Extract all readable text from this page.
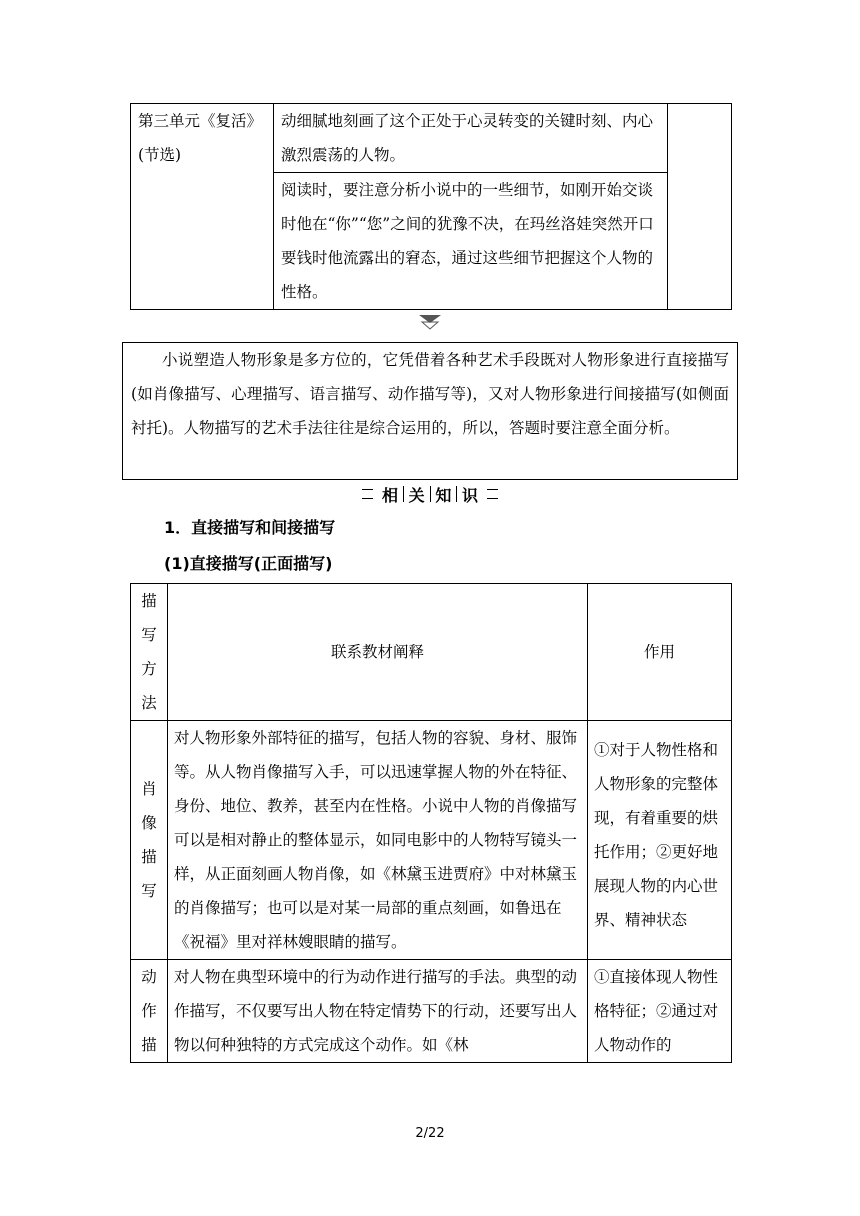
第三单元《复活》(节选)	动细腻地刻画了这个正处于心灵转变的关键时刻、内心激烈震荡的人物。	
阅读时，要注意分析小说中的一些细节，如刚开始交谈时他在“你”“您”之间的犹豫不决，在玛丝洛娃突然开口要钱时他流露出的窘态，通过这些细节把握这个人物的性格。
小说塑造人物形象是多方位的，它凭借着各种艺术手段既对人物形象进行直接描写(如肖像描写、心理描写、语言描写、动作描写等)，又对人物形象进行间接描写(如侧面衬托)。人物描写的艺术手法往往是综合运用的，所以，答题时要注意全面分析。
相 关 知 识
1．直接描写和间接描写
(1)直接描写(正面描写)
描
写
方
法	联系教材阐释	作用

肖
像
描
写	对人物形象外部特征的描写，包括人物的容貌、身材、服饰等。从人物肖像描写入手，可以迅速掌握人物的外在特征、身份、地位、教养，甚至内在性格。小说中人物的肖像描写可以是相对静止的整体显示，如同电影中的人物特写镜头一样，从正面刻画人物肖像，如《林黛玉进贾府》中对林黛玉的肖像描写；也可以是对某一局部的重点刻画，如鲁迅在《祝福》里对祥林嫂眼睛的描写。	①对于人物性格和人物形象的完整体现，有着重要的烘托作用；②更好地展现人物的内心世界、精神状态

动
作
描	对人物在典型环境中的行为动作进行描写的手法。典型的动作描写，不仅要写出人物在特定情势下的行动，还要写出人物以何种独特的方式完成这个动作。如《林	①直接体现人物性格特征；②通过对人物动作的
2/22
